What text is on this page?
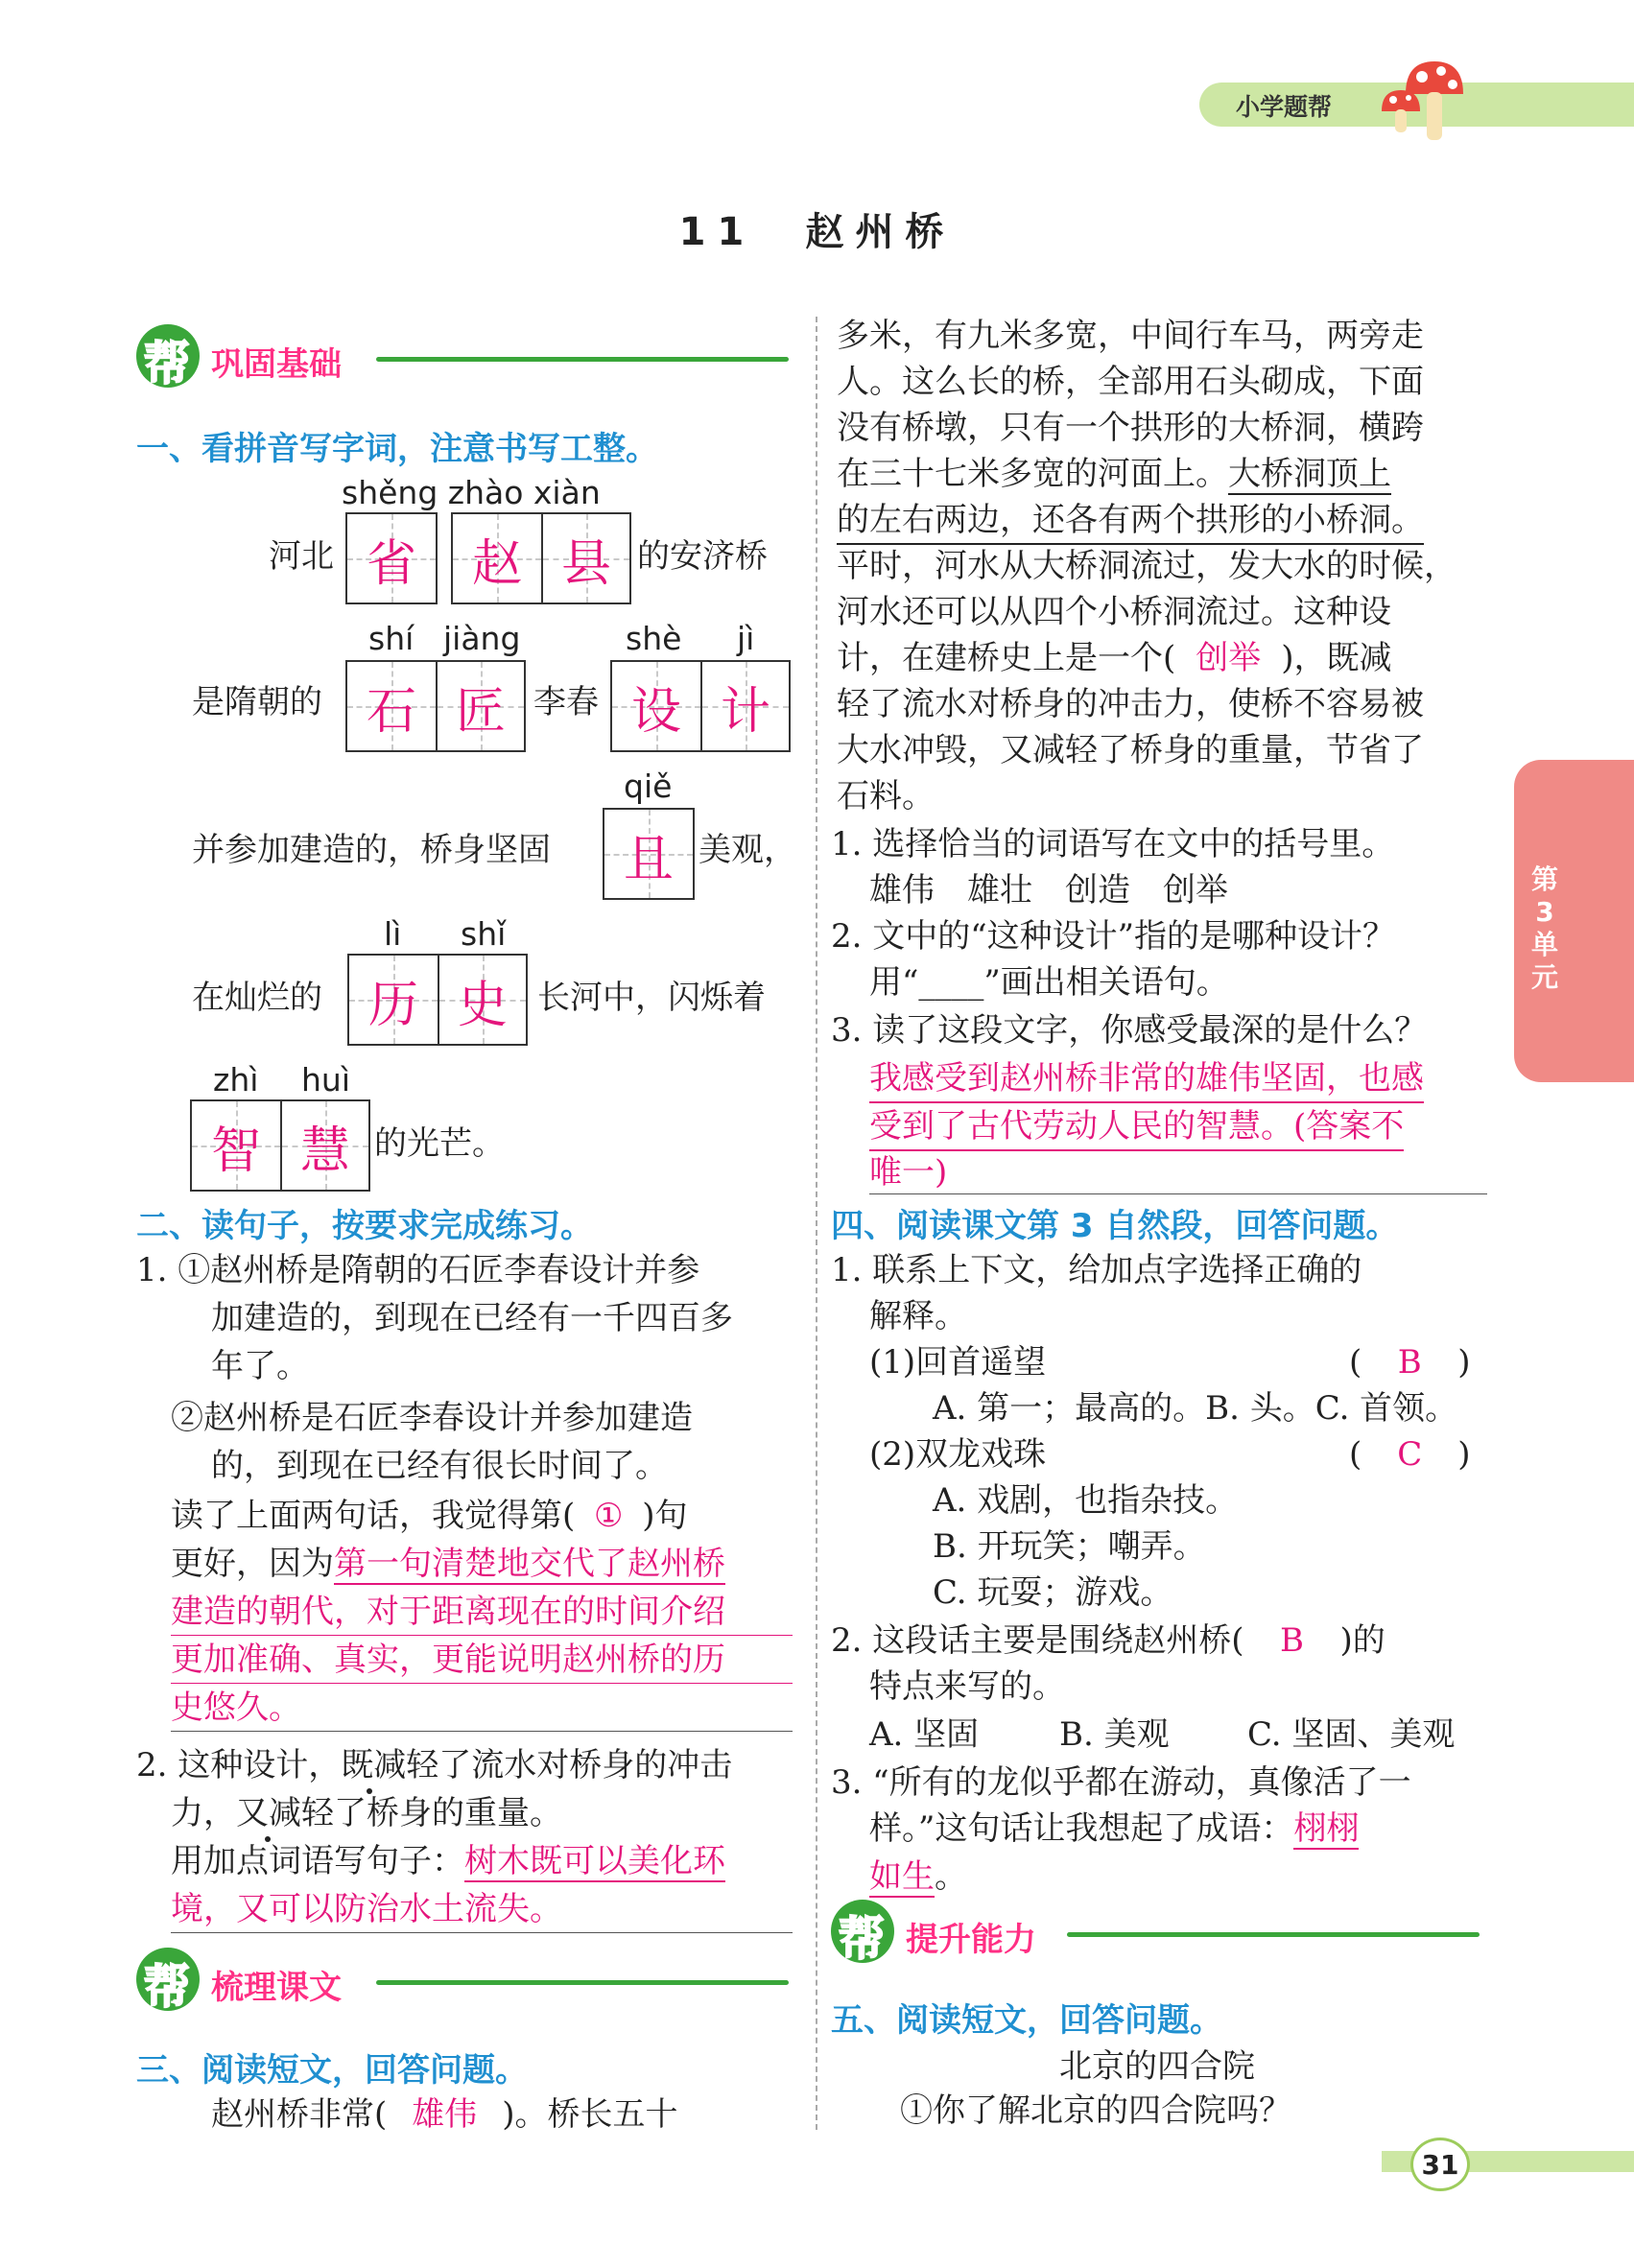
小学题帮
11　赵州桥
帮 巩固基础
一、看拼音写字词，注意书写工整。
shěng zhào xiàn
河北 省	赵 县 的安济桥
shí jiàng	shè jì
是隋朝的 石 匠 李春 设 计
qiě
并参加建造的，桥身坚固	且 美观，
lì shǐ
在灿烂的 历 史 长河中，闪烁着
zhì huì
智 慧 的光芒。
二、读句子，按要求完成练习。
1. ①赵州桥是隋朝的石匠李春设计并参
加建造的，到现在已经有一千四百多
年了。
②赵州桥是石匠李春设计并参加建造
的，到现在已经有很长时间了。
读了上面两句话，我觉得第( ① )句
更好，因为第一句清楚地交代了赵州桥
建造的朝代，对于距离现在的时间介绍
更加准确、真实，更能说明赵州桥的历
史悠久。
2. 这种设计，既减轻了流水对桥身的冲击
力，又减轻了桥身的重量。
用加点词语写句子：树木既可以美化环
境，又可以防治水土流失。
帮 梳理课文
三、阅读短文，回答问题。
赵州桥非常( 雄伟 )。桥长五十
多米，有九米多宽，中间行车马，两旁走
人。这么长的桥，全部用石头砌成，下面
没有桥墩，只有一个拱形的大桥洞，横跨
在三十七米多宽的河面上。大桥洞顶上
的左右两边，还各有两个拱形的小桥洞。
平时，河水从大桥洞流过，发大水的时候，
河水还可以从四个小桥洞流过。这种设
计，在建桥史上是一个( 创举 )，既减
轻了流水对桥身的冲击力，使桥不容易被
大水冲毁，又减轻了桥身的重量，节省了
石料。
1. 选择恰当的词语写在文中的括号里。
雄伟　雄壮　创造　创举
2. 文中的“这种设计”指的是哪种设计？
用“____”画出相关语句。
3. 读了这段文字，你感受最深的是什么？
我感受到赵州桥非常的雄伟坚固，也感
受到了古代劳动人民的智慧。(答案不
唯一)
四、阅读课文第 3 自然段，回答问题。
1. 联系上下文，给加点字选择正确的
解释。
(1)回首遥望	( B )
A. 第一；最高的。B. 头。C. 首领。
(2)双龙戏珠	( C )
A. 戏剧，也指杂技。
B. 开玩笑；嘲弄。
C. 玩耍；游戏。
2. 这段话主要是围绕赵州桥( B )的
特点来写的。
A. 坚固 B. 美观 C. 坚固、美观
3. “所有的龙似乎都在游动，真像活了一
样。”这句话让我想起了成语：栩栩
如生。
帮 提升能力
五、阅读短文，回答问题。
北京的四合院
①你了解北京的四合院吗？
第3单元
31
